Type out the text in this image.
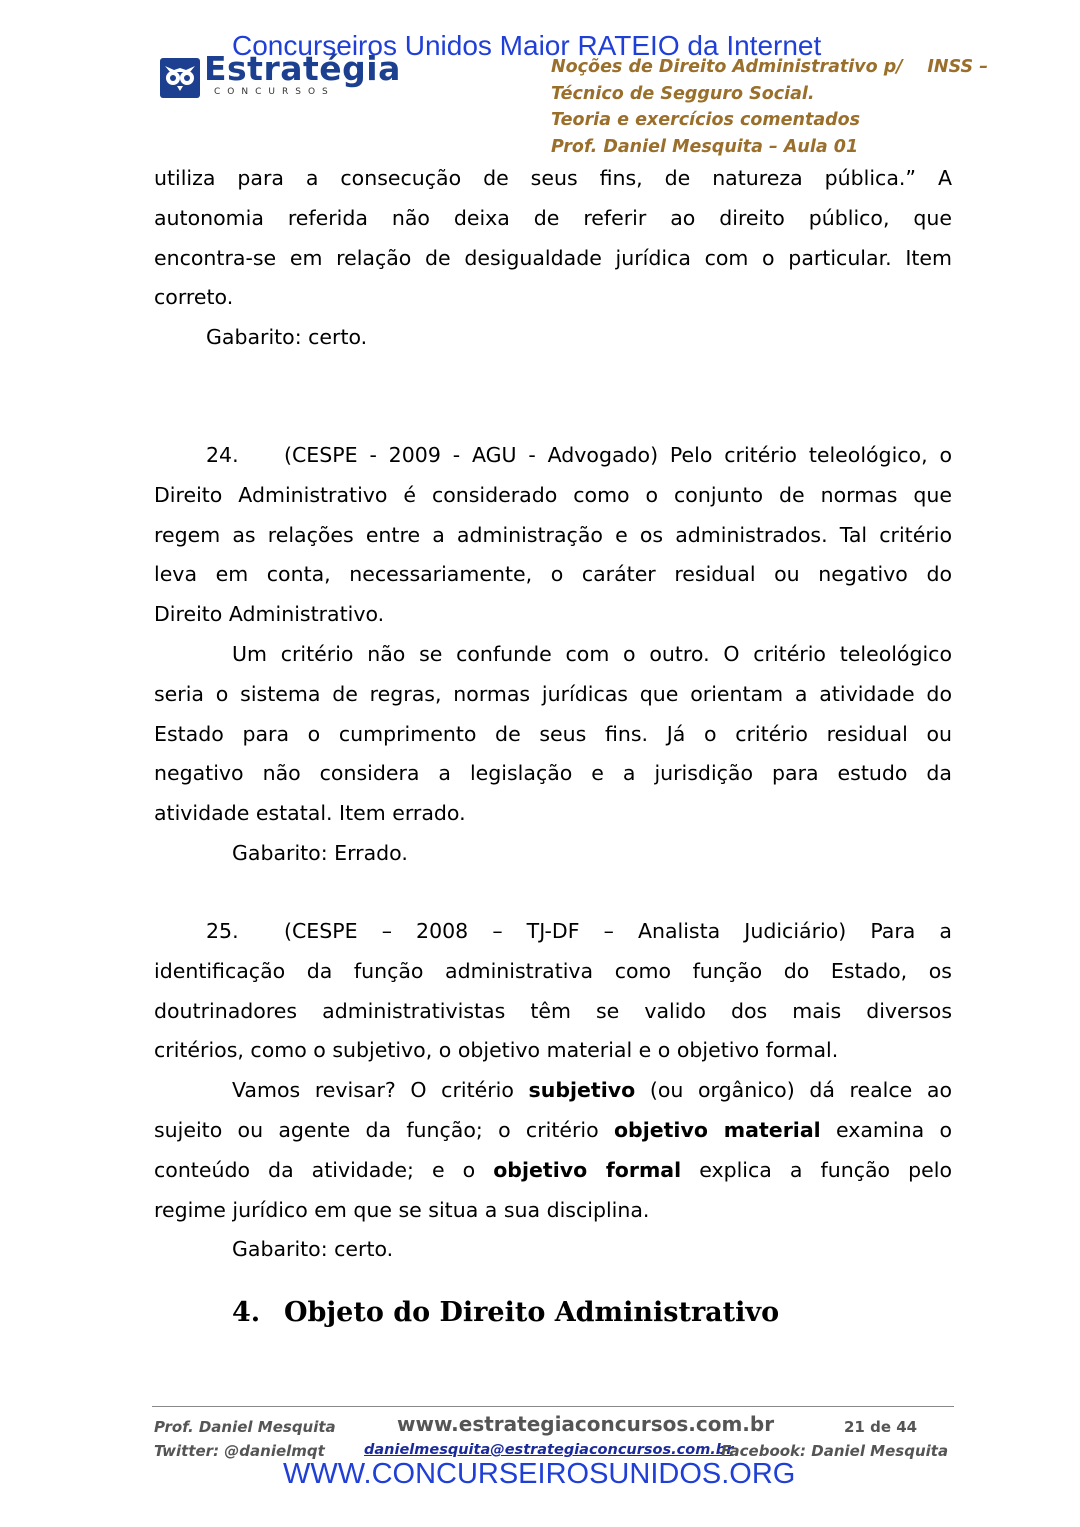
Concurseiros Unidos Maior RATEIO da Internet
Estratégia
CONCURSOS
Noções de Direito Administrativo p/ INSS –
Técnico de Segguro Social.
Teoria e exercícios comentados
Prof. Daniel Mesquita – Aula 01
utiliza para a consecução de seus fins, de natureza pública.” A
autonomia referida não deixa de referir ao direito público, que
encontra-se em relação de desigualdade jurídica com o particular. Item
correto.
Gabarito: certo.
24. (CESPE - 2009 - AGU - Advogado) Pelo critério teleológico, o
Direito Administrativo é considerado como o conjunto de normas que
regem as relações entre a administração e os administrados. Tal critério
leva em conta, necessariamente, o caráter residual ou negativo do
Direito Administrativo.
Um critério não se confunde com o outro. O critério teleológico
seria o sistema de regras, normas jurídicas que orientam a atividade do
Estado para o cumprimento de seus fins. Já o critério residual ou
negativo não considera a legislação e a jurisdição para estudo da
atividade estatal. Item errado.
Gabarito: Errado.
25. (CESPE – 2008 – TJ-DF – Analista Judiciário) Para a
identificação da função administrativa como função do Estado, os
doutrinadores administrativistas têm se valido dos mais diversos
critérios, como o subjetivo, o objetivo material e o objetivo formal.
Vamos revisar? O critério subjetivo (ou orgânico) dá realce ao
sujeito ou agente da função; o critério objetivo material examina o
conteúdo da atividade; e o objetivo formal explica a função pelo
regime jurídico em que se situa a sua disciplina.
Gabarito: certo.
4. Objeto do Direito Administrativo
Prof. Daniel Mesquita	www.estrategiaconcursos.com.br	21 de 44
Twitter: @danielmqt	danielmesquita@estrategiaconcursos.com.br
Facebook: Daniel Mesquita
WWW.CONCURSEIROSUNIDOS.ORG
